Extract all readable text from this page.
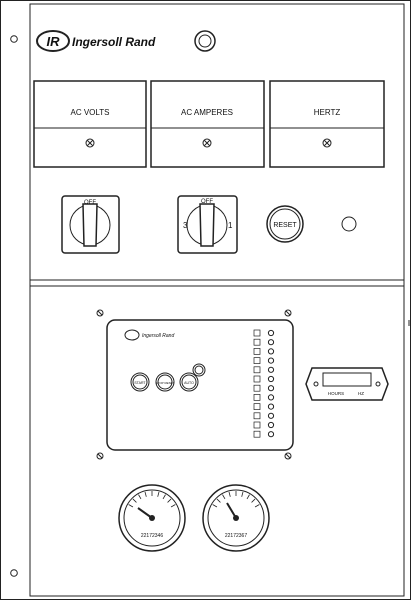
IR Ingersoll Rand
AC VOLTS	AC AMPERES	HERTZ
OFF	OFF
3	1	RESET
Ingersoll Rand
START	STOP RESET	AUTO
HOURS	HZ
22172346	22172367
